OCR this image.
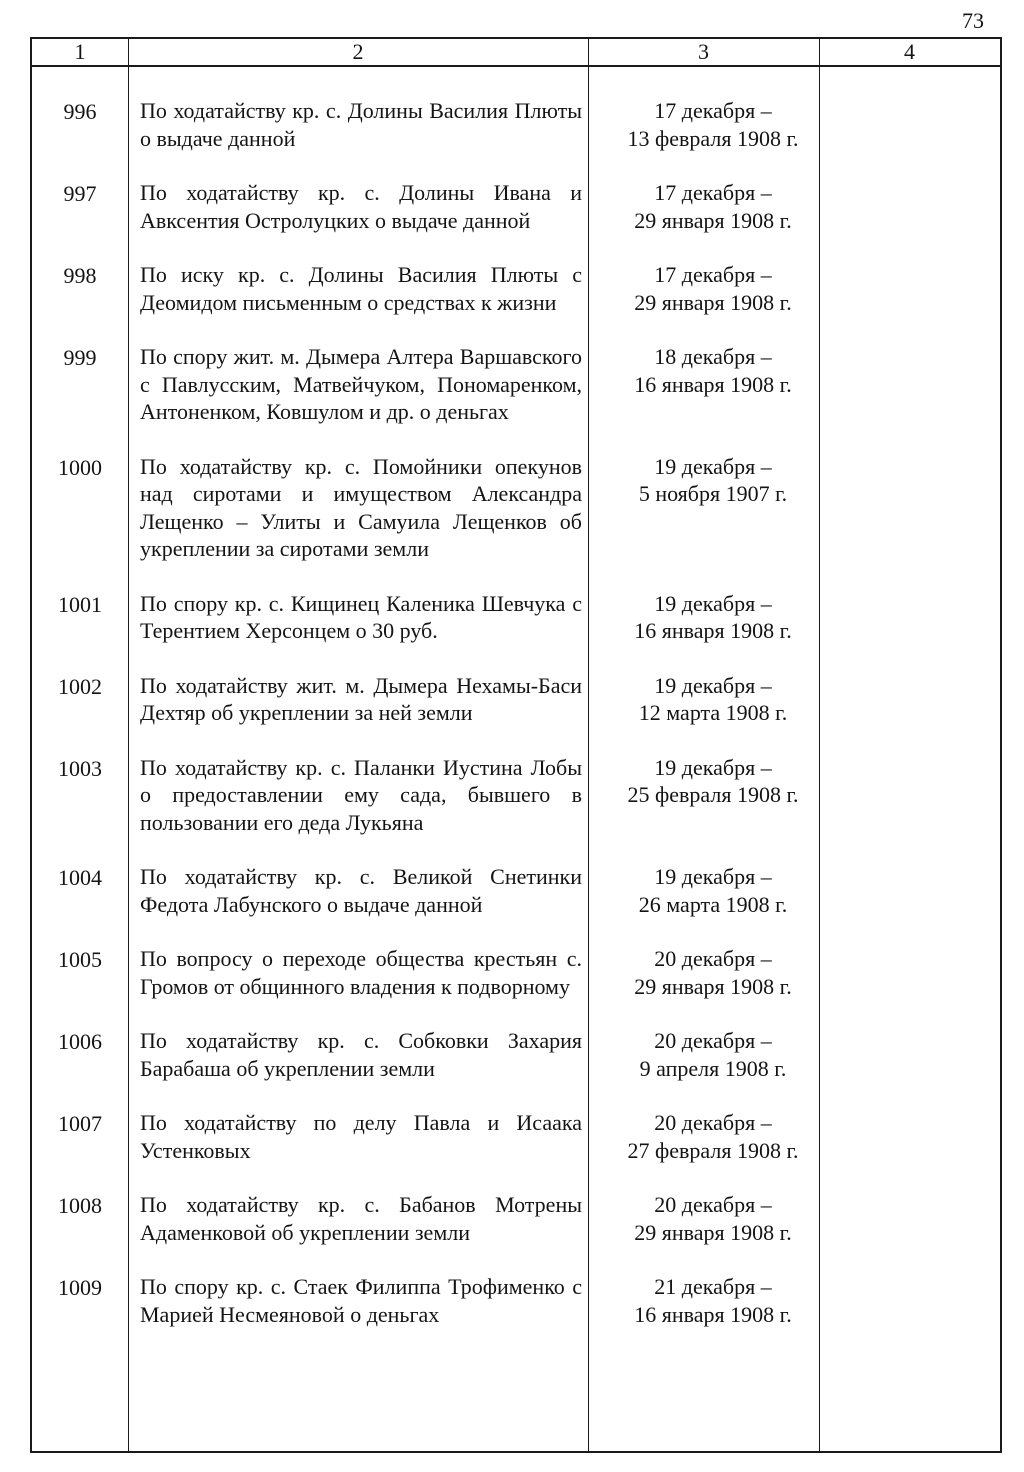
73
1	2	3	4
996	По ходатайству кр. с. Долины Василия Плюты о выдаче данной
17 декабря –
13 февраля 1908 г.
997	По ходатайству кр. с. Долины Ивана и Авксентия Остролуцких о выдаче данной
17 декабря –
29 января 1908 г.
998	По иску кр. с. Долины Василия Плюты с Деомидом письменным о средствах к жизни
17 декабря –
29 января 1908 г.
999	По спору жит. м. Дымера Алтера Варшавского с Павлусским, Матвейчуком, Пономаренком, Антоненком, Ковшулом и др. о деньгах
18 декабря –
16 января 1908 г.
1000	По ходатайству кр. с. Помойники опекунов над сиротами и имуществом Александра Лещенко – Улиты и Самуила Лещенков об укреплении за сиротами земли
19 декабря –
5 ноября 1907 г.
1001	По спору кр. с. Кищинец Каленика Шевчука с Терентием Херсонцем о 30 руб.
19 декабря –
16 января 1908 г.
1002	По ходатайству жит. м. Дымера Нехамы-Баси Дехтяр об укреплении за ней земли
19 декабря –
12 марта 1908 г.
1003	По ходатайству кр. с. Паланки Иустина Лобы о предоставлении ему сада, бывшего в пользовании его деда Лукьяна
19 декабря –
25 февраля 1908 г.
1004	По ходатайству кр. с. Великой Снетинки Федота Лабунского о выдаче данной
19 декабря –
26 марта 1908 г.
1005	По вопросу о переходе общества крестьян с. Громов от общинного владения к подворному
20 декабря –
29 января 1908 г.
1006	По ходатайству кр. с. Собковки Захария Барабаша об укреплении земли
20 декабря –
9 апреля 1908 г.
1007	По ходатайству по делу Павла и Исаака Устенковых
20 декабря –
27 февраля 1908 г.
1008	По ходатайству кр. с. Бабанов Мотрены Адаменковой об укреплении земли
20 декабря –
29 января 1908 г.
1009	По спору кр. с. Стаек Филиппа Трофименко с Марией Несмеяновой о деньгах
21 декабря –
16 января 1908 г.
